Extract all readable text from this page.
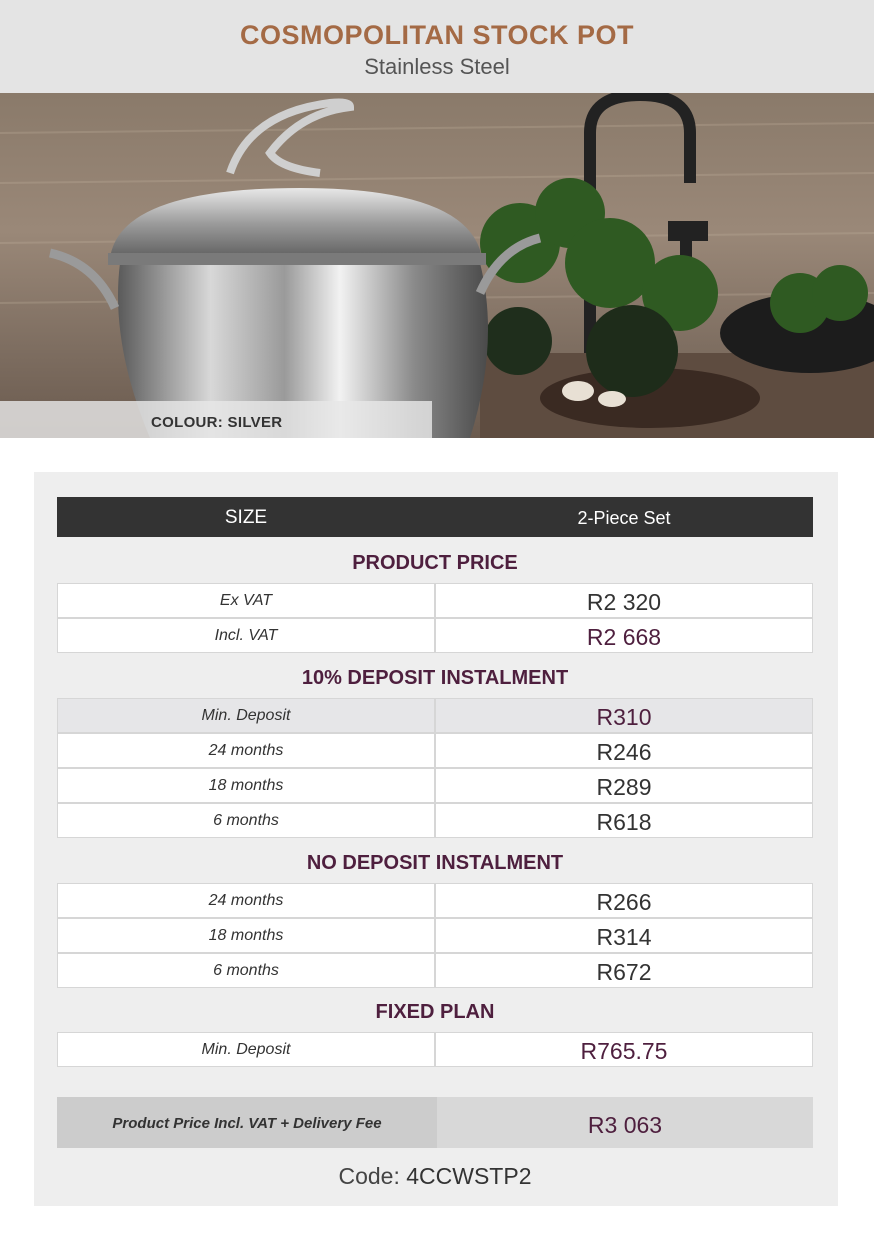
COSMOPOLITAN STOCK POT
Stainless Steel
COLOUR: SILVER
SIZE	2-Piece Set
PRODUCT PRICE
Ex VAT	R2 320
Incl. VAT	R2 668
10% DEPOSIT INSTALMENT
Min. Deposit	R310
24 months	R246
18 months	R289
6 months	R618
NO DEPOSIT INSTALMENT
24 months	R266
18 months	R314
6 months	R672
FIXED PLAN
Min. Deposit	R765.75
Product Price Incl. VAT + Delivery Fee	R3 063
Code: 4CCWSTP2
